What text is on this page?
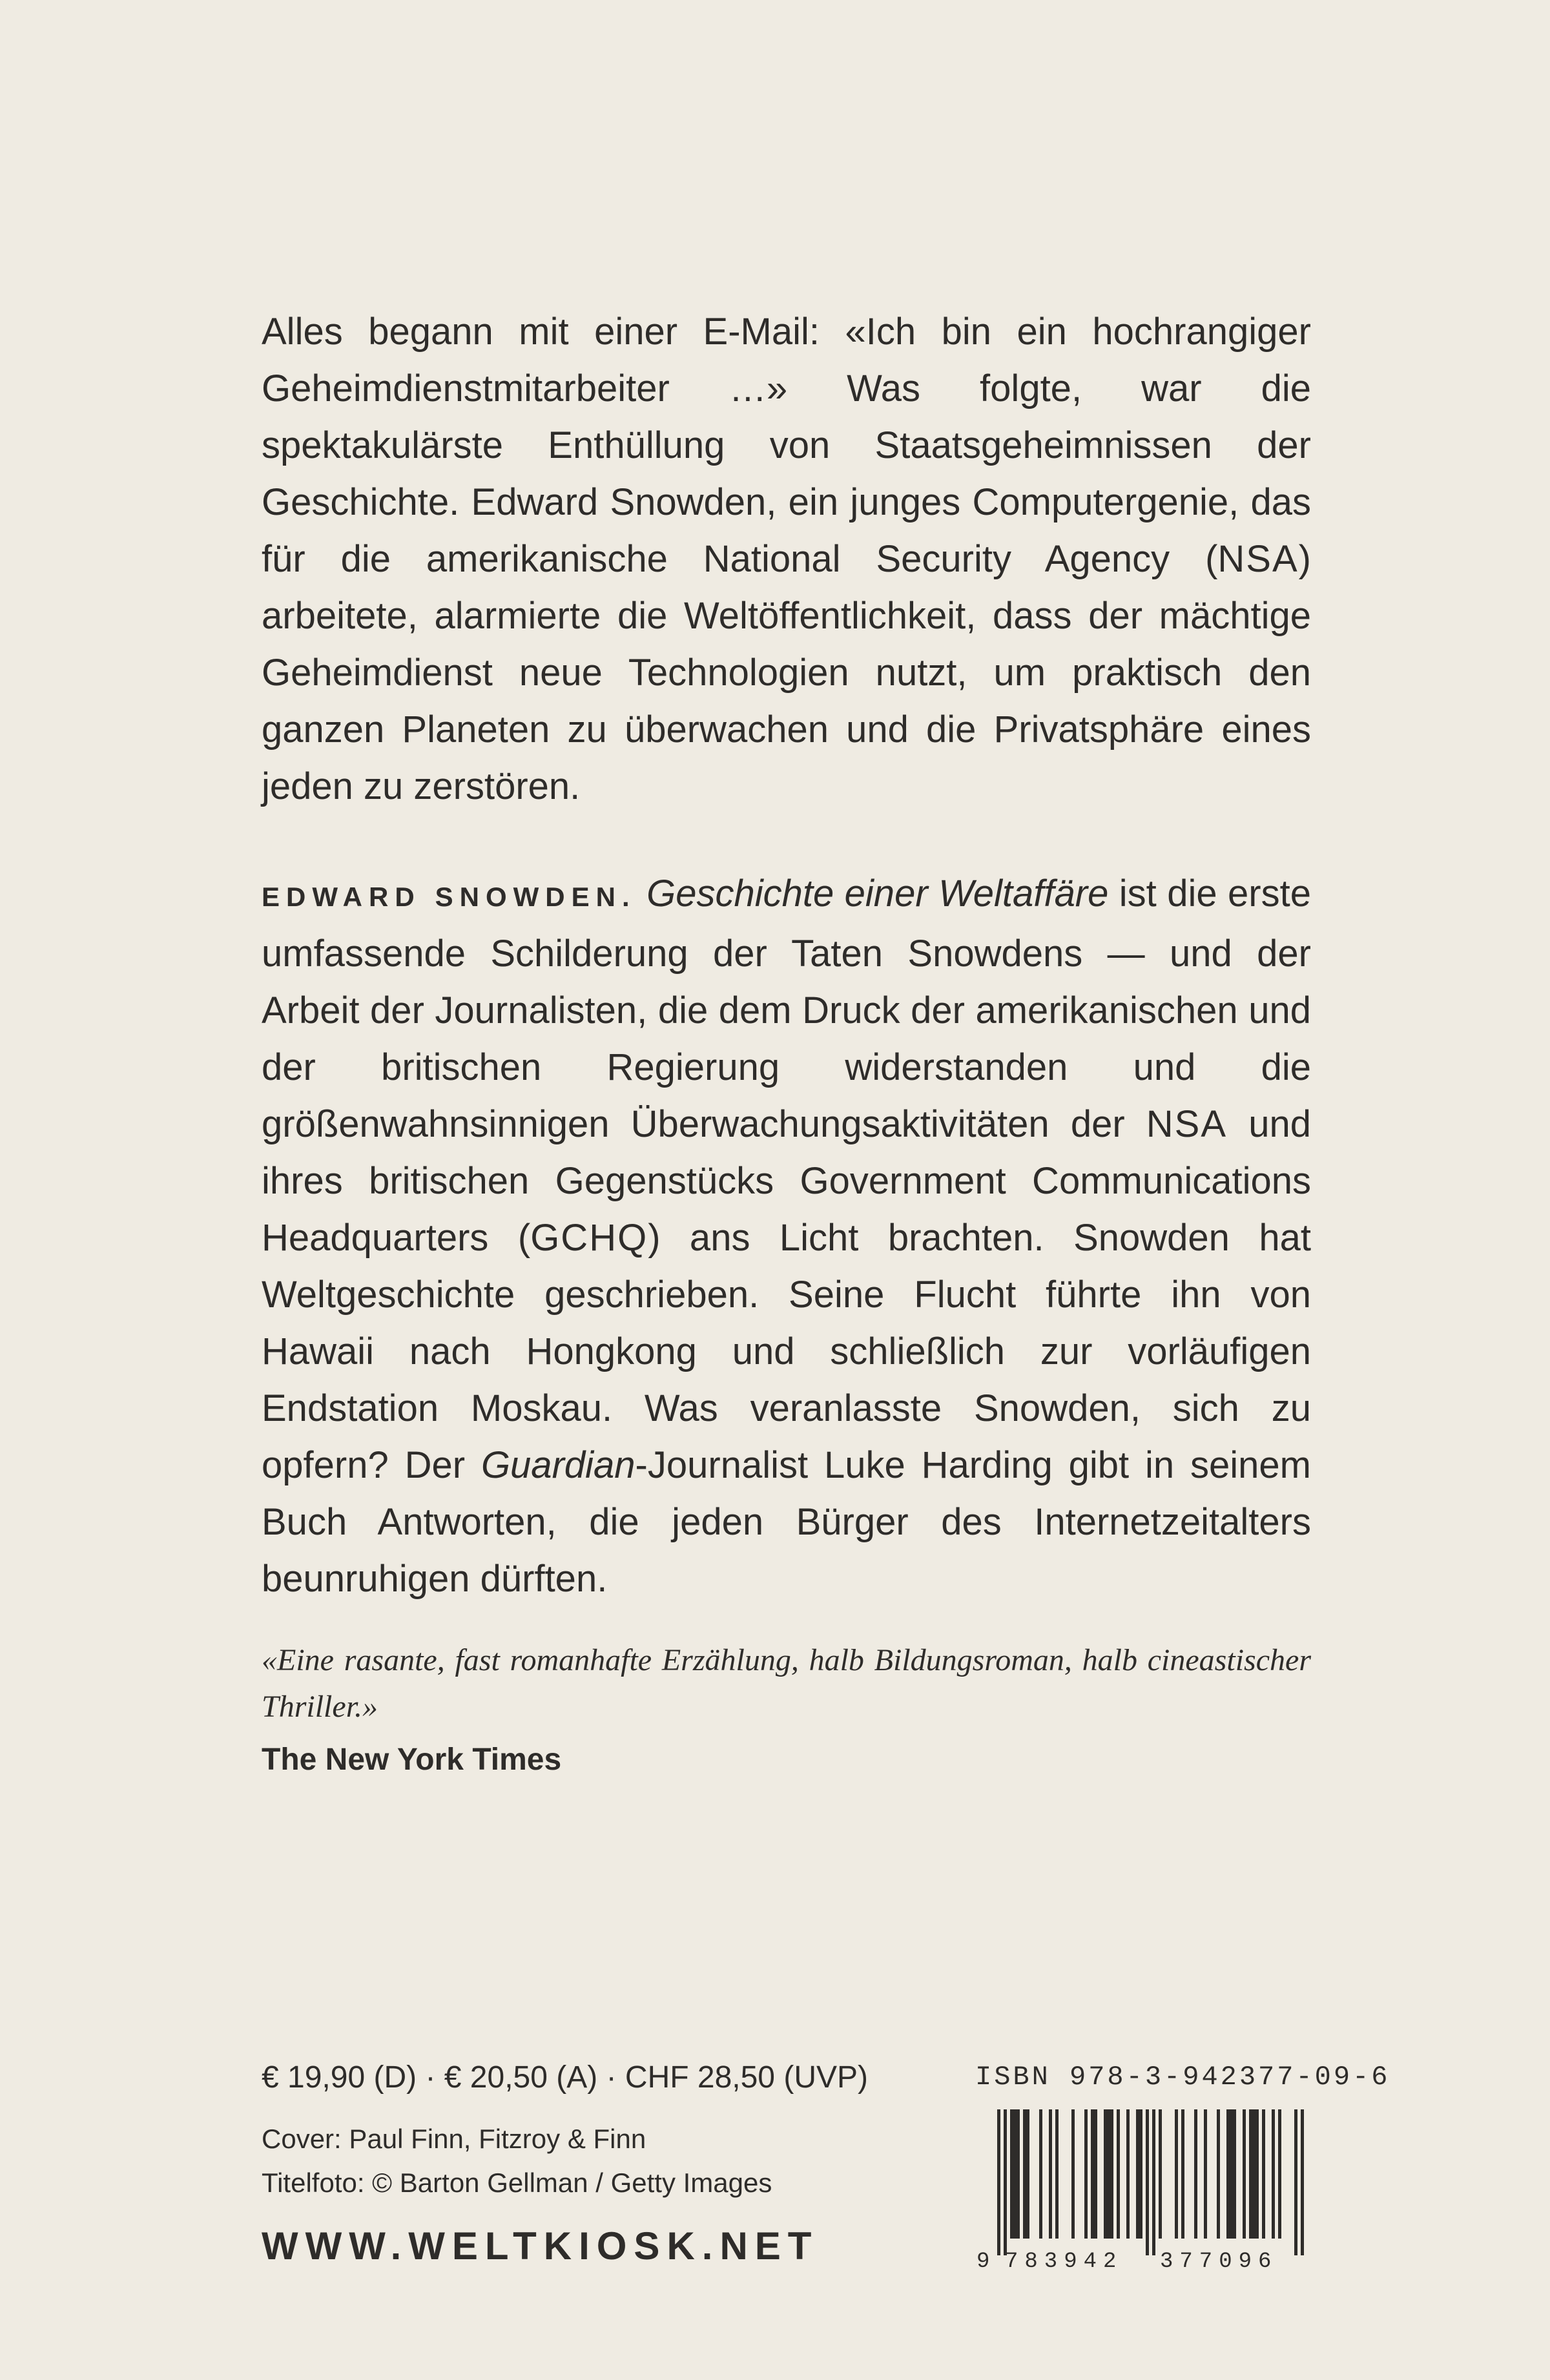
Alles begann mit einer E-Mail: «Ich bin ein hochrangiger Geheimdienstmitarbeiter …» Was folgte, war die spektakulärste Enthüllung von Staatsgeheimnissen der Geschichte. Edward Snowden, ein junges Computergenie, das für die amerikanische National Security Agency (NSA) arbeitete, alarmierte die Weltöffentlichkeit, dass der mächtige Geheimdienst neue Technologien nutzt, um praktisch den ganzen Planeten zu überwachen und die Privatsphäre eines jeden zu zerstören.

EDWARD SNOWDEN. Geschichte einer Weltaffäre ist die erste umfassende Schilderung der Taten Snowdens — und der Arbeit der Journalisten, die dem Druck der amerikanischen und der britischen Regierung widerstanden und die größenwahnsinnigen Überwachungsaktivitäten der NSA und ihres britischen Gegenstücks Government Communications Headquarters (GCHQ) ans Licht brachten. Snowden hat Weltgeschichte geschrieben. Seine Flucht führte ihn von Hawaii nach Hongkong und schließlich zur vorläufigen Endstation Moskau. Was veranlasste Snowden, sich zu opfern? Der Guardian-Journalist Luke Harding gibt in seinem Buch Antworten, die jeden Bürger des Internetzeitalters beunruhigen dürften.

«Eine rasante, fast romanhafte Erzählung, halb Bildungsroman, halb cineastischer Thriller.»

The New York Times

€ 19,90 (D) · € 20,50 (A) · CHF 28,50 (UVP)
Cover: Paul Finn, Fitzroy & Finn
Titelfoto: © Barton Gellman / Getty Images
WWW.WELTKIOSK.NET
ISBN 978-3-942377-09-6
9 783942 377096
